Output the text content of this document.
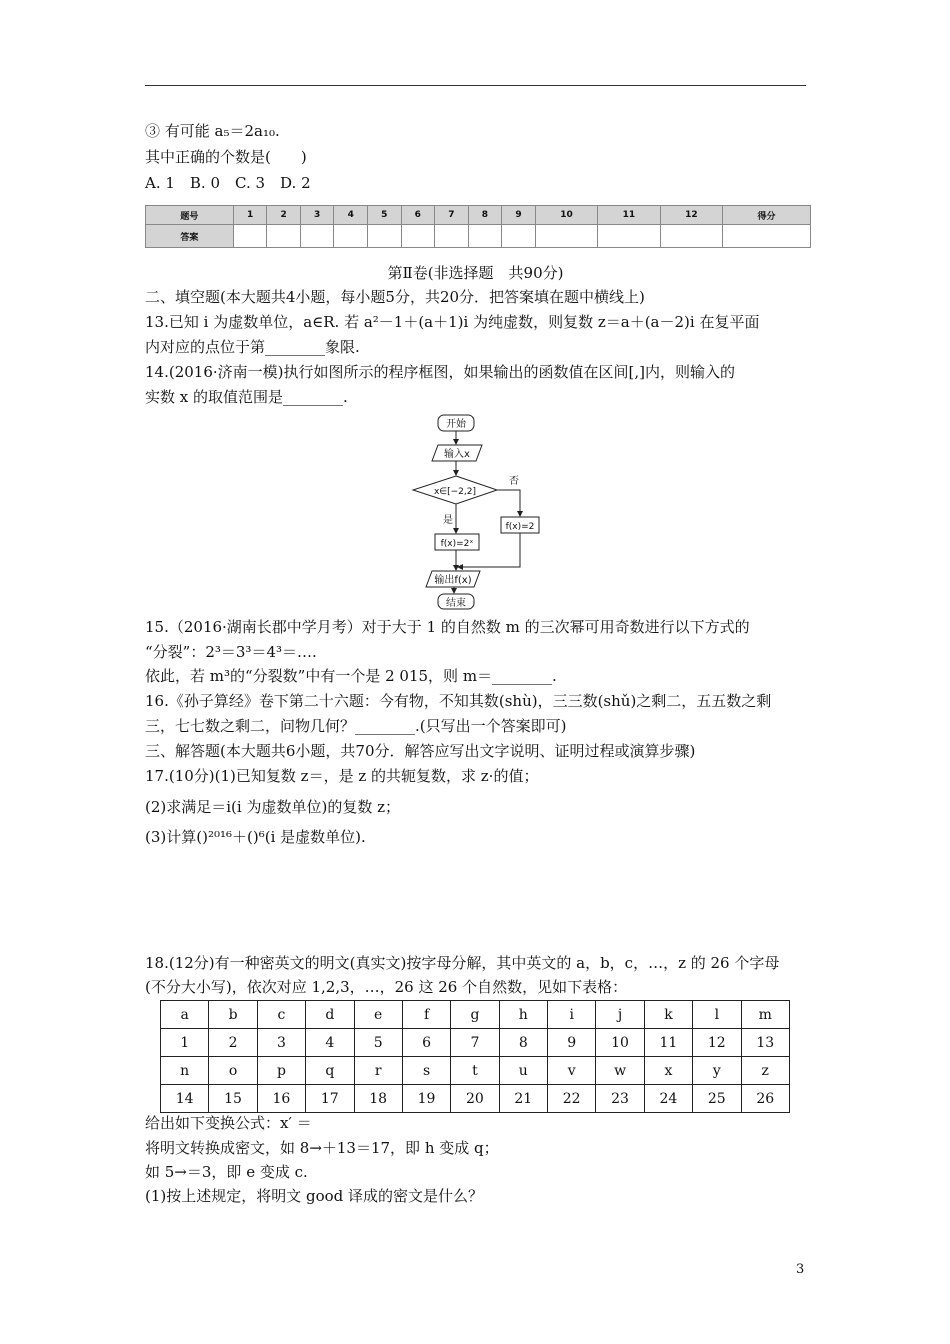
③ 有可能 a₅＝2a₁₀.
其中正确的个数是(　　)
A. 1　B. 0　C. 3　D. 2
题号	1	2	3	4	5	6	7	8	9	10	11	12	得分
答案													
第Ⅱ卷(非选择题　共90分)
二、填空题(本大题共4小题，每小题5分，共20分．把答案填在题中横线上)
13.已知 i 为虚数单位，a∈R. 若 a²－1＋(a＋1)i 为纯虚数，则复数 z＝a＋(a－2)i 在复平面
内对应的点位于第________象限.
14.(2016·济南一模)执行如图所示的程序框图，如果输出的函数值在区间[,]内，则输入的
实数 x 的取值范围是________.
开始
输入x
x∈[−2,2]
否
是
f(x)=2
f(x)=2ˣ
输出f(x)
结束
15.（2016·湖南长郡中学月考）对于大于 1 的自然数 m 的三次幂可用奇数进行以下方式的
“分裂”：2³＝3³＝4³＝….
依此，若 m³的“分裂数”中有一个是 2 015，则 m＝________.
16.《孙子算经》卷下第二十六题：今有物，不知其数(shù)，三三数(shǔ)之剩二，五五数之剩
三，七七数之剩二，问物几何？________.(只写出一个答案即可)
三、解答题(本大题共6小题，共70分．解答应写出文字说明、证明过程或演算步骤)
17.(10分)(1)已知复数 z＝，是 z 的共轭复数，求 z·的值；
(2)求满足＝i(i 为虚数单位)的复数 z；
(3)计算()²⁰¹⁶＋()⁶(i 是虚数单位).
18.(12分)有一种密英文的明文(真实文)按字母分解，其中英文的 a，b，c，…，z 的 26 个字母
(不分大小写)，依次对应 1,2,3，…，26 这 26 个自然数，见如下表格：
a	b	c	d	e	f	g	h	i	j	k	l	m
1	2	3	4	5	6	7	8	9	10	11	12	13
n	o	p	q	r	s	t	u	v	w	x	y	z
14	15	16	17	18	19	20	21	22	23	24	25	26
给出如下变换公式：x′ ＝
将明文转换成密文，如 8→＋13＝17，即 h 变成 q；
如 5→＝3，即 e 变成 c.
(1)按上述规定，将明文 good 译成的密文是什么？
3
